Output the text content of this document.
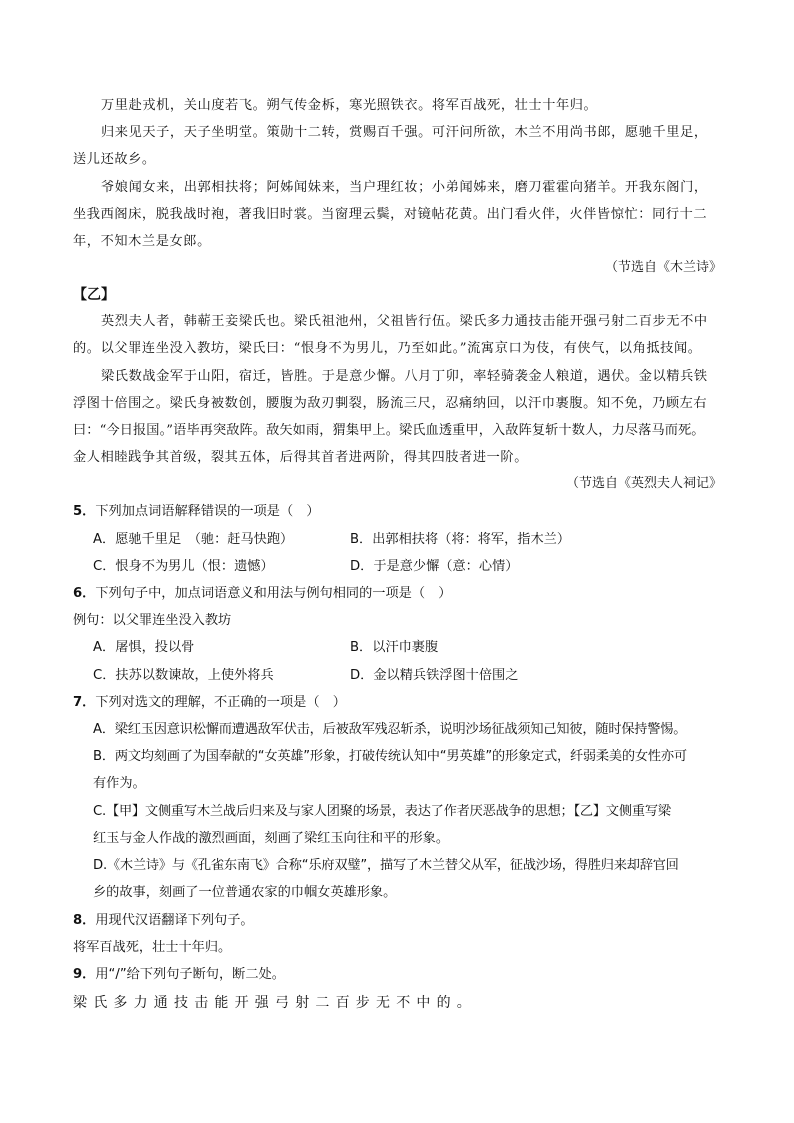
万里赴戎机，关山度若飞。朔气传金柝，寒光照铁衣。将军百战死，壮士十年归。
归来见天子，天子坐明堂。策勋十二转，赏赐百千强。可汗问所欲，木兰不用尚书郎，愿驰千里足，
送儿还故乡。
爷娘闻女来，出郭相扶将；阿姊闻妹来，当户理红妆；小弟闻姊来，磨刀霍霍向猪羊。开我东阁门，
坐我西阁床，脱我战时袍，著我旧时裳。当窗理云鬓，对镜帖花黄。出门看火伴，火伴皆惊忙：同行十二
年，不知木兰是女郎。
（节选自《木兰诗》
【乙】
英烈夫人者，韩蕲王妾梁氏也。梁氏祖池州，父祖皆行伍。梁氏多力通技击能开强弓射二百步无不中
的。以父罪连坐没入教坊，梁氏曰：“恨身不为男儿，乃至如此。”流寓京口为伎，有侠气，以角抵技闻。
梁氏数战金军于山阳，宿迁，皆胜。于是意少懈。八月丁卯，率轻骑袭金人粮道，遇伏。金以精兵铁
浮图十倍围之。梁氏身被数创，腰腹为敌刃剚裂，肠流三尺，忍痛纳回，以汗巾裹腹。知不免，乃顾左右
曰：“今日报国。”语毕再突敌阵。敌矢如雨，猬集甲上。梁氏血透重甲，入敌阵复斩十数人，力尽落马而死。
金人相睦践争其首级，裂其五体，后得其首者进两阶，得其四肢者进一阶。
（节选自《英烈夫人祠记》
5．下列加点词语解释错误的一项是（　）
A．愿驰千里足　（驰：赶马快跑）	B．出郭相扶将（将：将军，指木兰）
C．恨身不为男儿（恨：遗憾）	D．于是意少懈（意：心情）
6．下列句子中，加点词语意义和用法与例句相同的一项是（　）
例句：以父罪连坐没入教坊
A．屠惧，投以骨	B．以汗巾裹腹
C．扶苏以数谏故，上使外将兵	D．金以精兵铁浮图十倍围之
7．下列对选文的理解，不正确的一项是（　）
A．梁红玉因意识松懈而遭遇敌军伏击，后被敌军残忍斩杀，说明沙场征战须知己知彼，随时保持警惕。
B．两文均刻画了为国奉献的“女英雄”形象，打破传统认知中“男英雄”的形象定式，纤弱柔美的女性亦可
有作为。
C.【甲】文侧重写木兰战后归来及与家人团聚的场景，表达了作者厌恶战争的思想；【乙】文侧重写梁
红玉与金人作战的激烈画面，刻画了梁红玉向往和平的形象。
D.《木兰诗》与《孔雀东南飞》合称“乐府双璧”，描写了木兰替父从军，征战沙场，得胜归来却辞官回
乡的故事，刻画了一位普通农家的巾帼女英雄形象。
8．用现代汉语翻译下列句子。
将军百战死，壮士十年归。
9．用“/”给下列句子断句，断二处。
梁氏多力通技击能开强弓射二百步无不中的。
